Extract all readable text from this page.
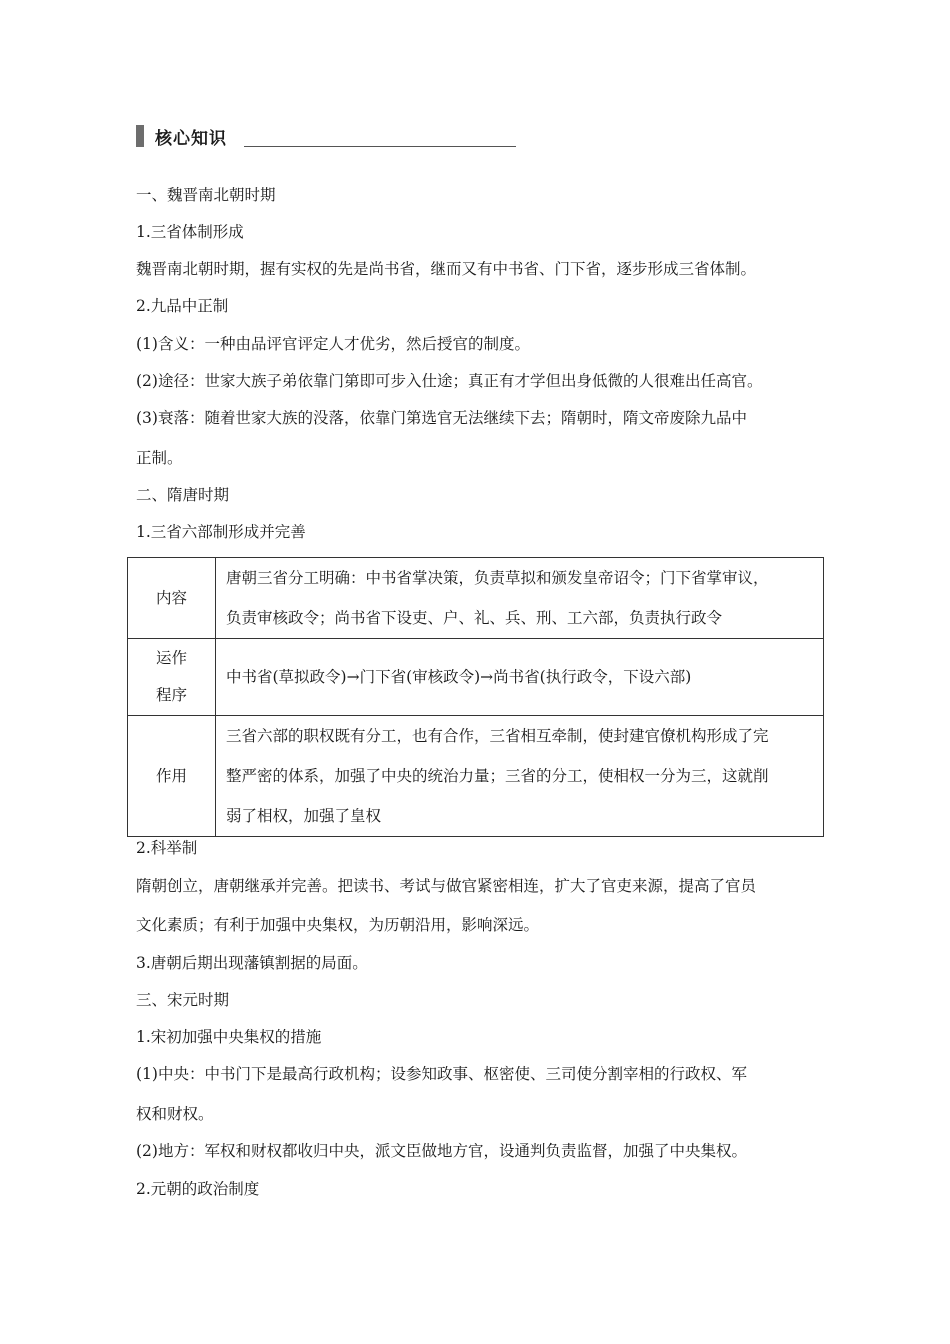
核心知识
一、魏晋南北朝时期
1.三省体制形成
魏晋南北朝时期，握有实权的先是尚书省，继而又有中书省、门下省，逐步形成三省体制。
2.九品中正制
(1)含义：一种由品评官评定人才优劣，然后授官的制度。
(2)途径：世家大族子弟依靠门第即可步入仕途；真正有才学但出身低微的人很难出任高官。
(3)衰落：随着世家大族的没落，依靠门第选官无法继续下去；隋朝时，隋文帝废除九品中
正制。
二、隋唐时期
1.三省六部制形成并完善
内容	唐朝三省分工明确：中书省掌决策，负责草拟和颁发皇帝诏令；门下省掌审议，
负责审核政令；尚书省下设吏、户、礼、兵、刑、工六部，负责执行政令

运作
程序	中书省(草拟政令)→门下省(审核政令)→尚书省(执行政令，下设六部)

作用	三省六部的职权既有分工，也有合作，三省相互牵制，使封建官僚机构形成了完
整严密的体系，加强了中央的统治力量；三省的分工，使相权一分为三，这就削
弱了相权，加强了皇权
2.科举制
隋朝创立，唐朝继承并完善。把读书、考试与做官紧密相连，扩大了官吏来源，提高了官员
文化素质；有利于加强中央集权，为历朝沿用，影响深远。
3.唐朝后期出现藩镇割据的局面。
三、宋元时期
1.宋初加强中央集权的措施
(1)中央：中书门下是最高行政机构；设参知政事、枢密使、三司使分割宰相的行政权、军
权和财权。
(2)地方：军权和财权都收归中央，派文臣做地方官，设通判负责监督，加强了中央集权。
2.元朝的政治制度
